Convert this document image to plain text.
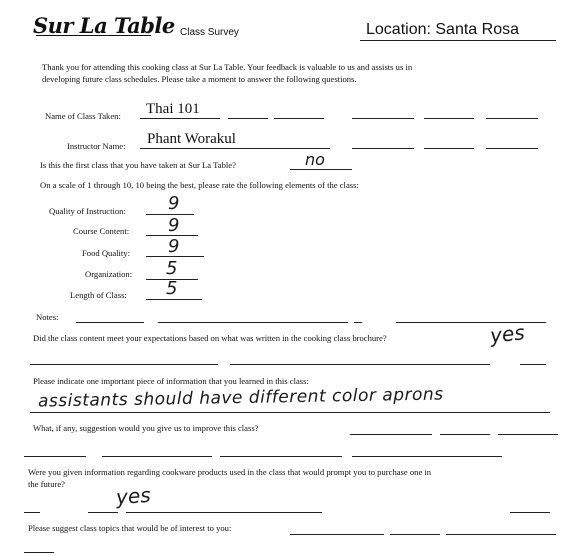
Sur La Table Class Survey	Location: Santa Rosa
Thank you for attending this cooking class at Sur La Table. Your feedback is valuable to us and assists us in
developing future class schedules. Please take a moment to answer the following questions.
Name of Class Taken: Thai 101
Instructor Name: Phant Worakul
Is this the first class that you have taken at Sur La Table?	no
On a scale of 1 through 10, 10 being the best, please rate the following elements of the class:
Quality of Instruction: 9
Course Content: 9
Food Quality: 9
Organization: 5
Length of Class: 5
Notes:
Did the class content meet your expectations based on what was written in the cooking class brochure?	yes
Please indicate one important piece of information that you learned in this class:
assistants should have different color aprons
What, if any, suggestion would you give us to improve this class?
Were you given information regarding cookware products used in the class that would prompt you to purchase one in
the future?	yes
Please suggest class topics that would be of interest to you:
